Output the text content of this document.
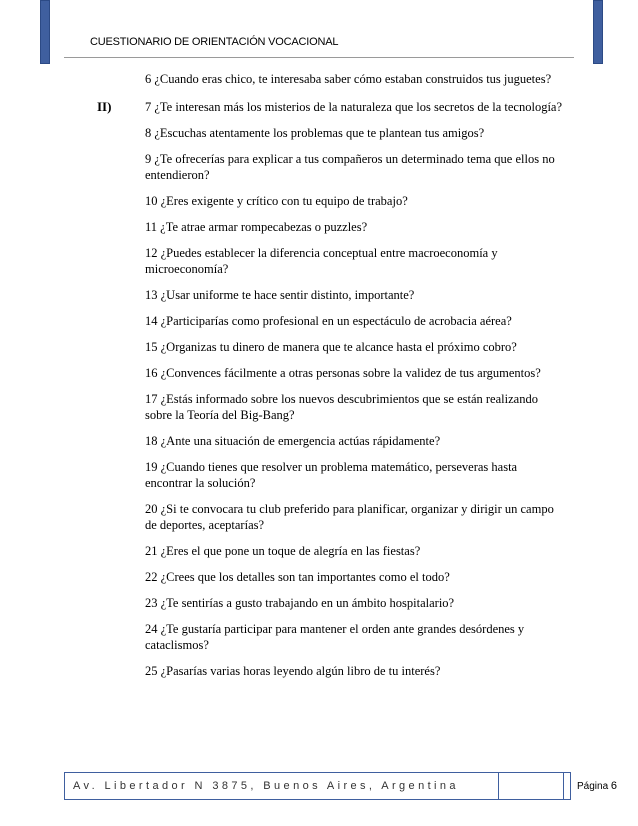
CUESTIONARIO DE ORIENTACIÓN VOCACIONAL
6 ¿Cuando eras chico, te interesaba saber cómo estaban construidos tus juguetes?
II)	7 ¿Te interesan más los misterios de la naturaleza que los secretos de la tecnología?
8 ¿Escuchas atentamente los problemas que te plantean tus amigos?
9 ¿Te ofrecerías para explicar a tus compañeros un determinado tema que ellos no entendieron?
10 ¿Eres exigente y crítico con tu equipo de trabajo?
11 ¿Te atrae armar rompecabezas o puzzles?
12 ¿Puedes establecer la diferencia conceptual entre macroeconomía y microeconomía?
13 ¿Usar uniforme te hace sentir distinto, importante?
14 ¿Participarías como profesional en un espectáculo de acrobacia aérea?
15 ¿Organizas tu dinero de manera que te alcance hasta el próximo cobro?
16 ¿Convences fácilmente a otras personas sobre la validez de tus argumentos?
17 ¿Estás informado sobre los nuevos descubrimientos que se están realizando sobre la Teoría del Big-Bang?
18 ¿Ante una situación de emergencia actúas rápidamente?
19 ¿Cuando tienes que resolver un problema matemático, perseveras hasta encontrar la solución?
20 ¿Si te convocara tu club preferido para planificar, organizar y dirigir un campo de deportes, aceptarías?
21 ¿Eres el que pone un toque de alegría en las fiestas?
22 ¿Crees que los detalles son tan importantes como el todo?
23 ¿Te sentirías a gusto trabajando en un ámbito hospitalario?
24 ¿Te gustaría participar para mantener el orden ante grandes desórdenes y cataclismos?
25 ¿Pasarías varias horas leyendo algún libro de tu interés?
Av. Libertador N 3875, Buenos Aires, Argentina	Página 6
